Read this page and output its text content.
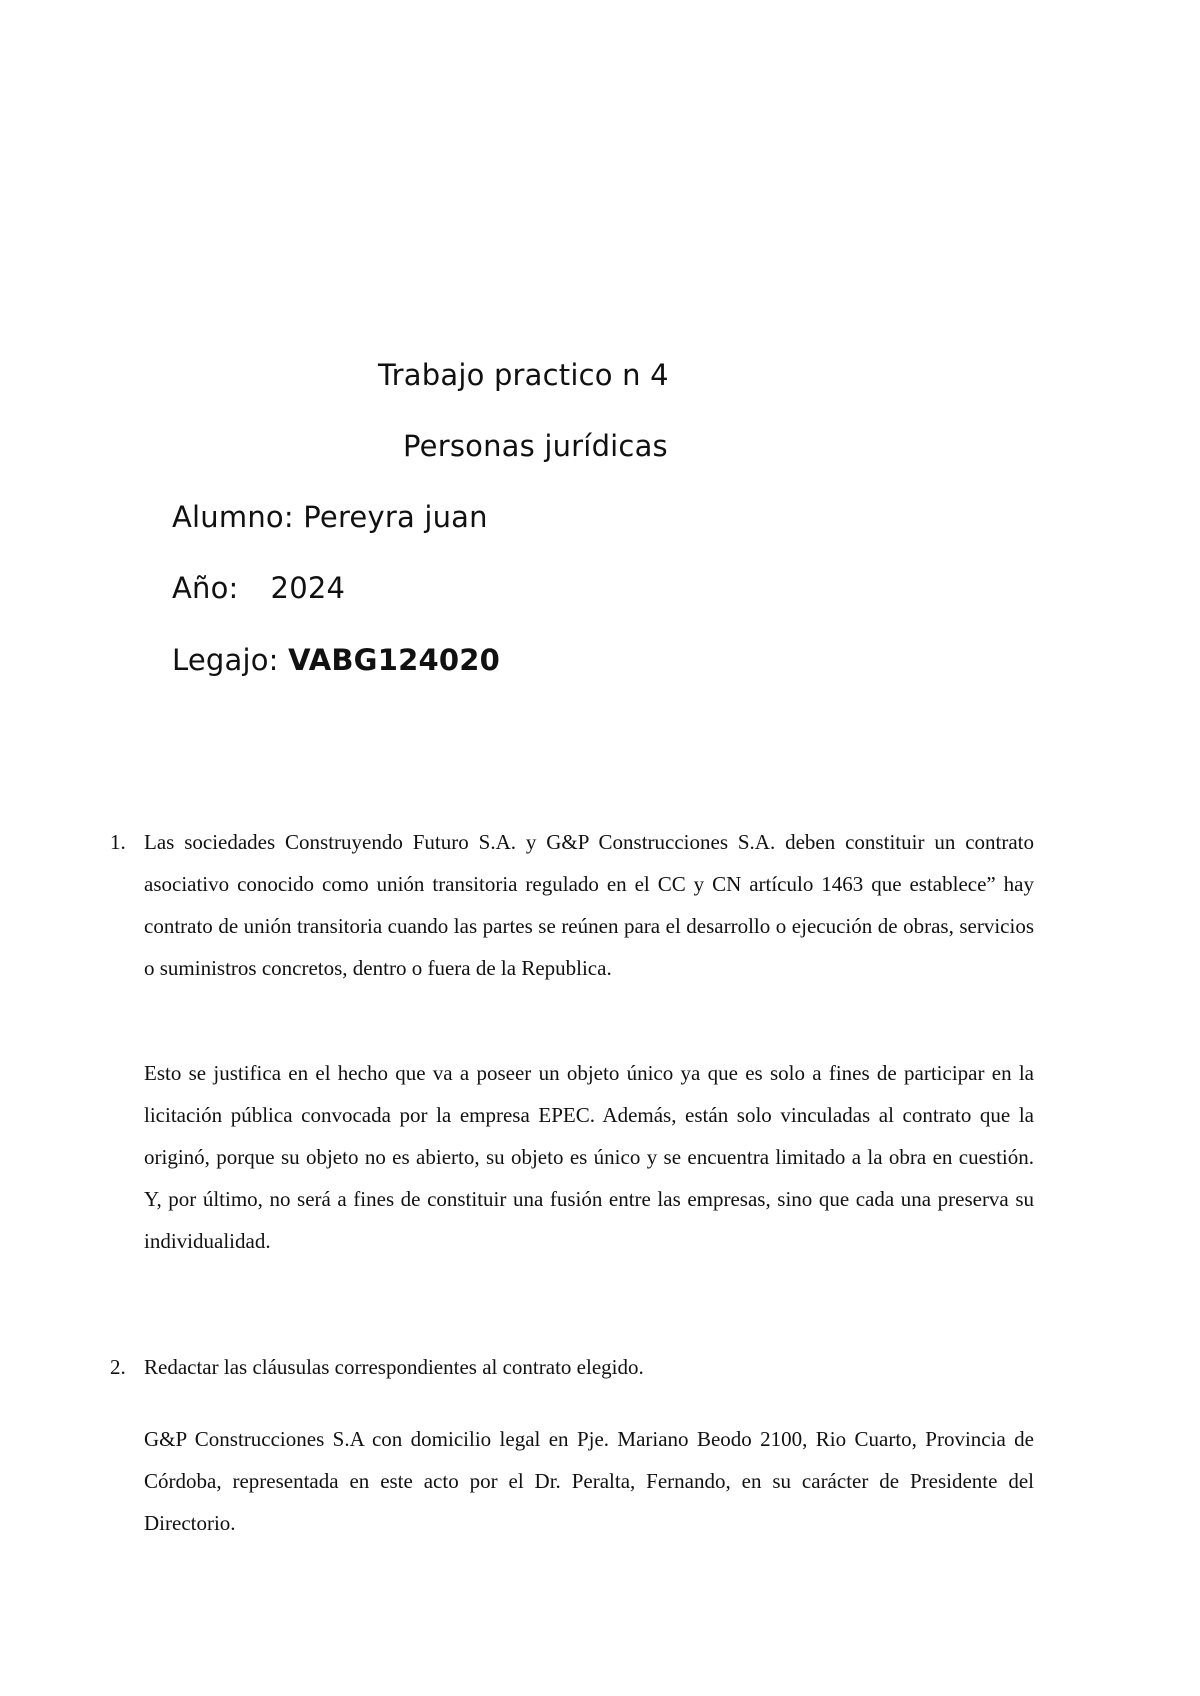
Trabajo practico n 4
Personas jurídicas
Alumno: Pereyra juan
Año: 2024
Legajo: VABG124020
1. Las sociedades Construyendo Futuro S.A. y G&P Construcciones S.A. deben constituir un contrato asociativo conocido como unión transitoria regulado en el CC y CN artículo 1463 que establece” hay contrato de unión transitoria cuando las partes se reúnen para el desarrollo o ejecución de obras, servicios o suministros concretos, dentro o fuera de la Republica.

Esto se justifica en el hecho que va a poseer un objeto único ya que es solo a fines de participar en la licitación pública convocada por la empresa EPEC. Además, están solo vinculadas al contrato que la originó, porque su objeto no es abierto, su objeto es único y se encuentra limitado a la obra en cuestión. Y, por último, no será a fines de constituir una fusión entre las empresas, sino que cada una preserva su individualidad.

2. Redactar las cláusulas correspondientes al contrato elegido.

G&P Construcciones S.A con domicilio legal en Pje. Mariano Beodo 2100, Rio Cuarto, Provincia de Córdoba, representada en este acto por el Dr. Peralta, Fernando, en su carácter de Presidente del Directorio.
